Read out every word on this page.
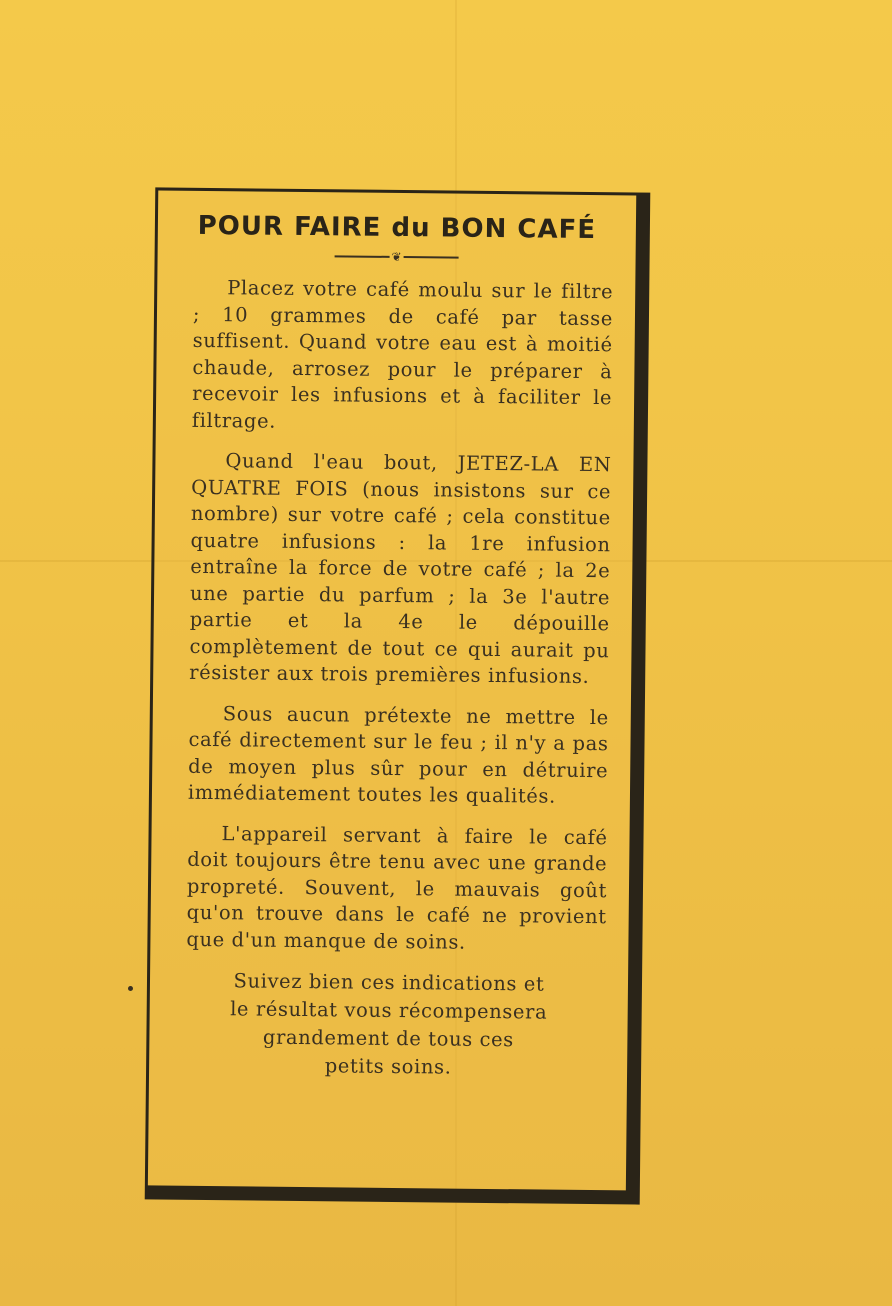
POUR FAIRE du BON CAFÉ
❦

Placez votre café moulu sur le filtre ; 10 grammes de café par tasse suffisent. Quand votre eau est à moitié chaude, arrosez pour le préparer à recevoir les infusions et à faciliter le filtrage.

Quand l'eau bout, JETEZ-LA EN QUATRE FOIS (nous insistons sur ce nombre) sur votre café ; cela constitue quatre infusions : la 1re infusion entraîne la force de votre café ; la 2e une partie du parfum ; la 3e l'autre partie et la 4e le dépouille complètement de tout ce qui aurait pu résister aux trois premières infusions.

Sous aucun prétexte ne mettre le café directement sur le feu ; il n'y a pas de moyen plus sûr pour en détruire immédiatement toutes les qualités.

L'appareil servant à faire le café doit toujours être tenu avec une grande propreté. Souvent, le mauvais goût qu'on trouve dans le café ne provient que d'un manque de soins.

Suivez bien ces indications et
le résultat vous récompensera
grandement de tous ces
petits soins.
